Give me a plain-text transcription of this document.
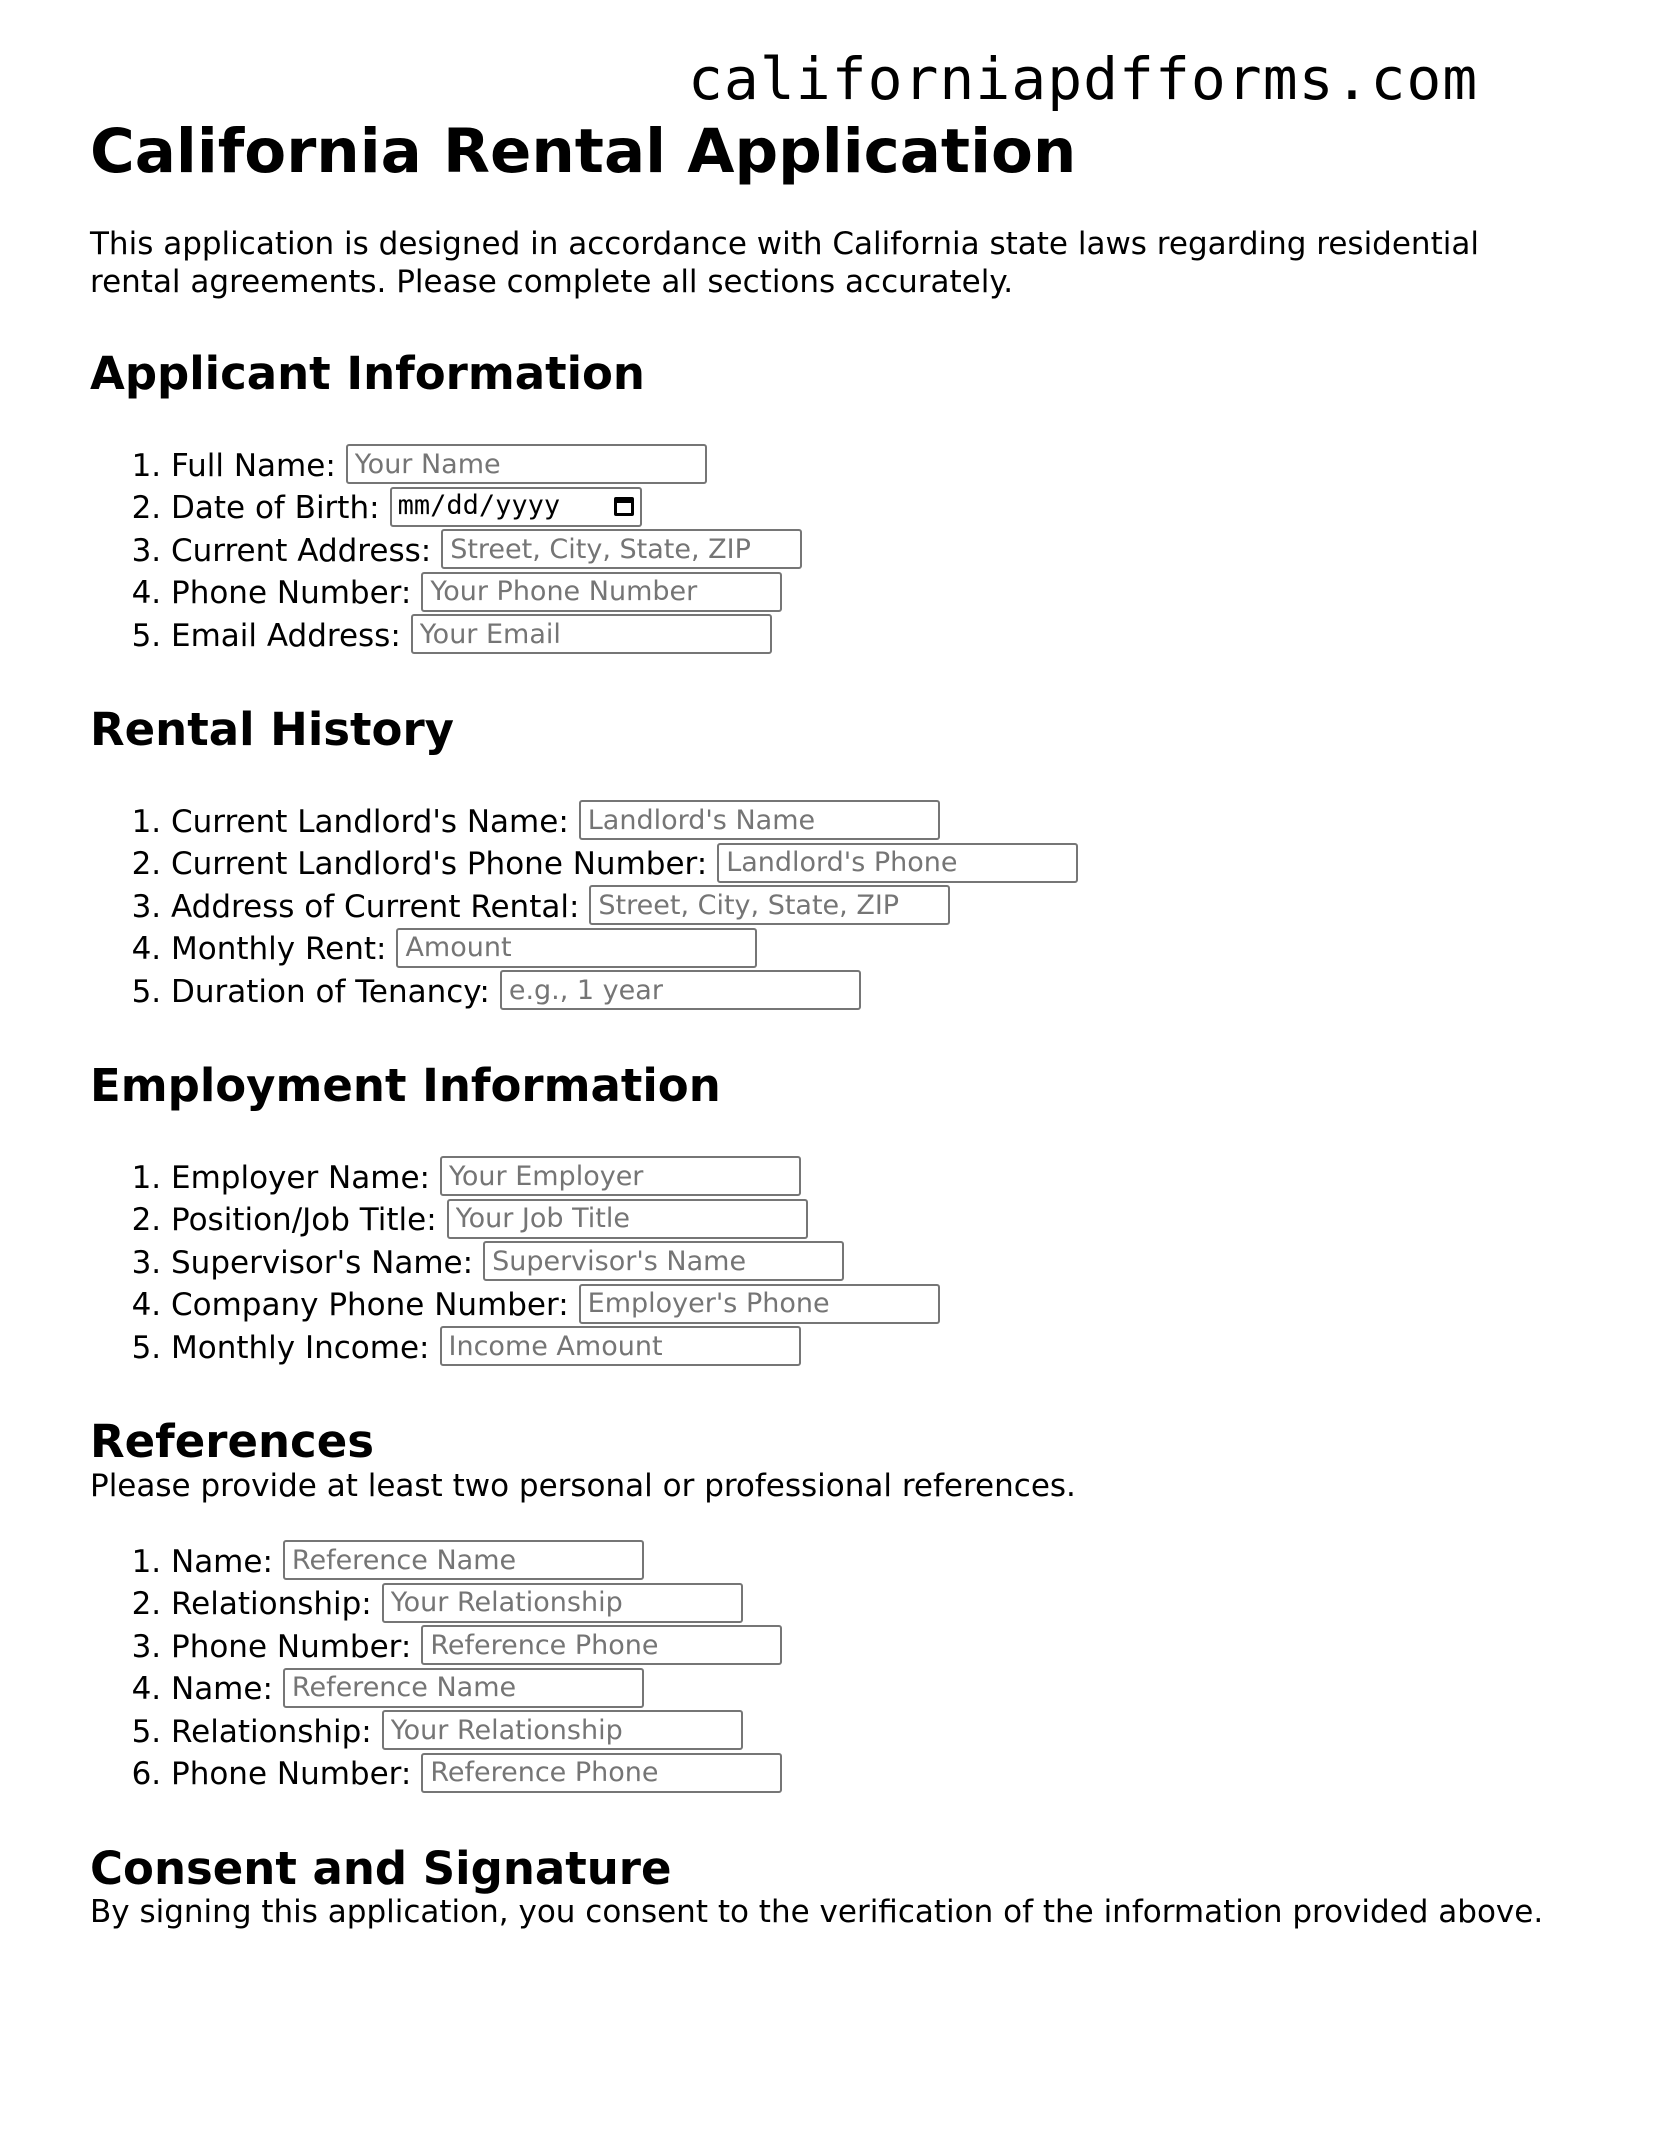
californiapdfforms.com
California Rental Application

This application is designed in accordance with California state laws regarding residential rental agreements. Please complete all sections accurately.

Applicant Information
1. Full Name:Your Name
2. Date of Birth: mm/dd/yyyy
3. Current Address:Street, City, State, ZIP
4. Phone Number:Your Phone Number
5. Email Address:Your Email
Rental History
1. Current Landlord's Name:Landlord's Name
2. Current Landlord's Phone Number:Landlord's Phone
3. Address of Current Rental:Street, City, State, ZIP
4. Monthly Rent:Amount
5. Duration of Tenancy:e.g., 1 year
Employment Information
1. Employer Name:Your Employer
2. Position/Job Title:Your Job Title
3. Supervisor's Name:Supervisor's Name
4. Company Phone Number:Employer's Phone
5. Monthly Income:Income Amount
References

Please provide at least two personal or professional references.

1. Name:Reference Name
2. Relationship:Your Relationship
3. Phone Number:Reference Phone
4. Name:Reference Name
5. Relationship:Your Relationship
6. Phone Number:Reference Phone
Consent and Signature

By signing this application, you consent to the verification of the information provided above.
